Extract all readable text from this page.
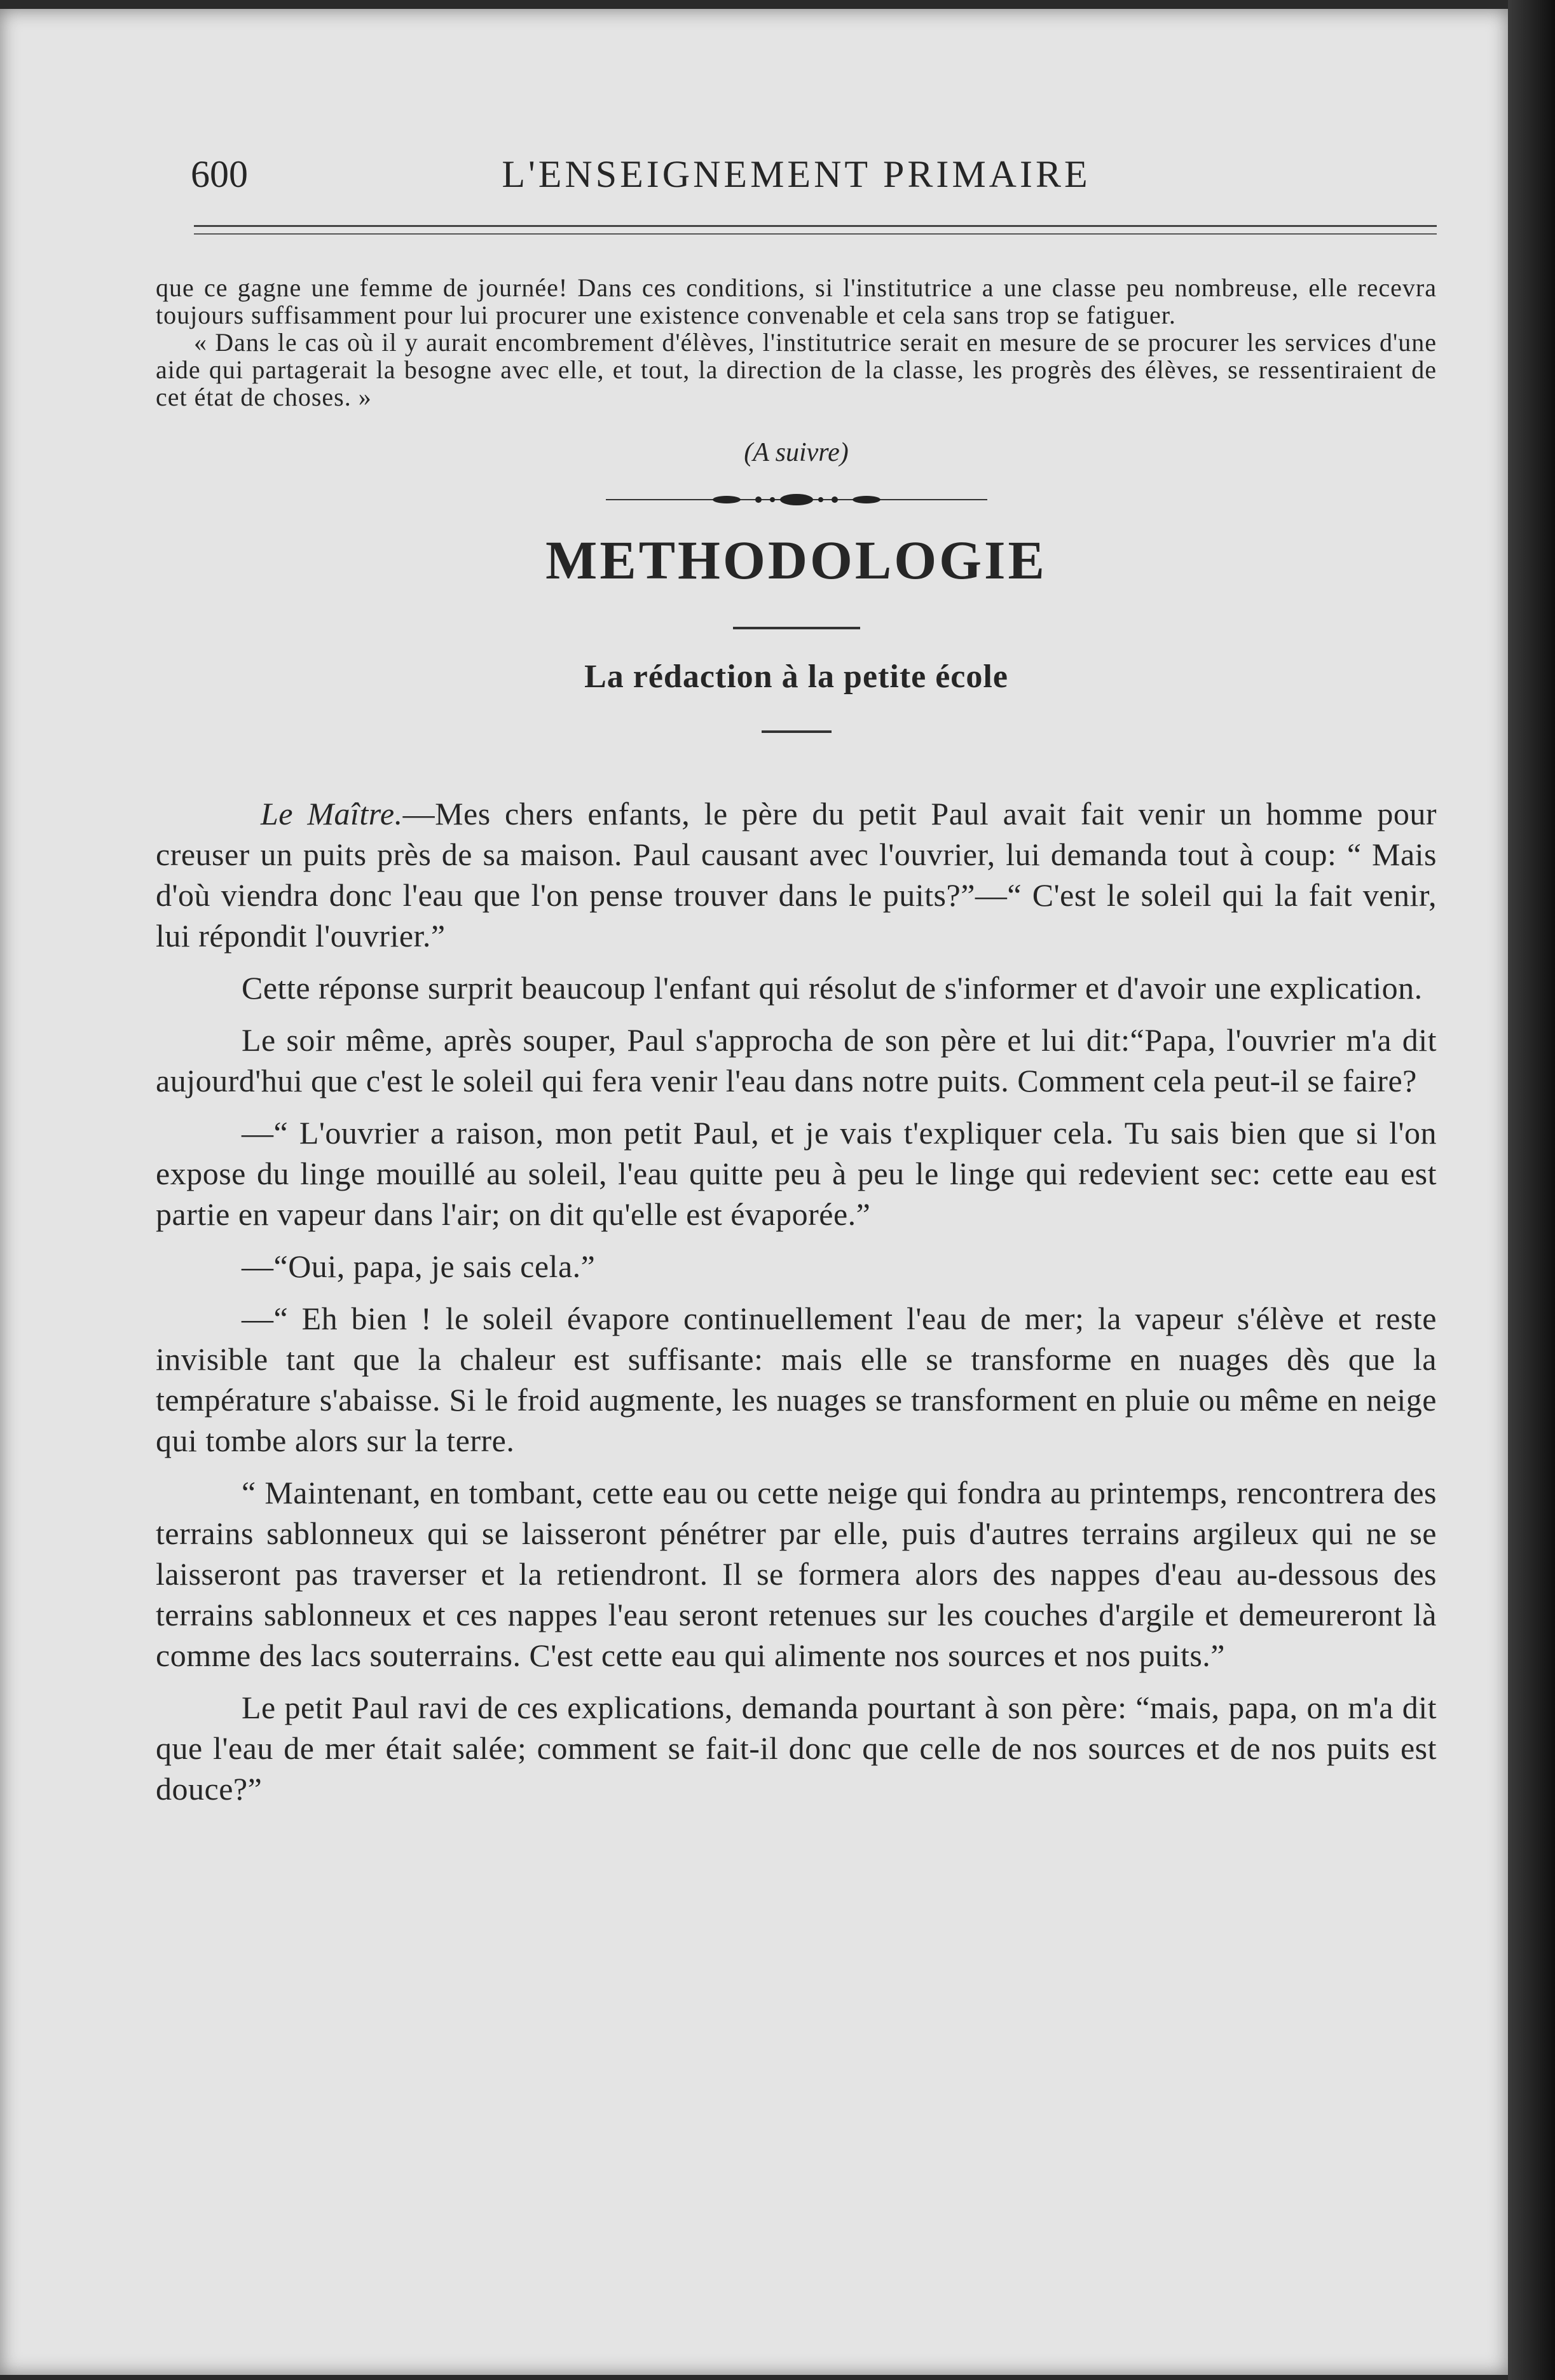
600	L'ENSEIGNEMENT PRIMAIRE

que ce gagne une femme de journée! Dans ces conditions, si l'institutrice a une classe peu nombreuse, elle recevra toujours suffisamment pour lui procurer une existence convenable et cela sans trop se fatiguer.

« Dans le cas où il y aurait encombrement d'élèves, l'institutrice serait en mesure de se procurer les services d'une aide qui partagerait la besogne avec elle, et tout, la direction de la classe, les progrès des élèves, se ressentiraient de cet état de choses. »

(A suivre)
METHODOLOGIE
La rédaction à la petite école

Le Maître.—Mes chers enfants, le père du petit Paul avait fait venir un homme pour creuser un puits près de sa maison. Paul causant avec l'ouvrier, lui demanda tout à coup: “ Mais d'où viendra donc l'eau que l'on pense trouver dans le puits?”—“ C'est le soleil qui la fait venir, lui répondit l'ouvrier.”

Cette réponse surprit beaucoup l'enfant qui résolut de s'informer et d'avoir une explication.

Le soir même, après souper, Paul s'approcha de son père et lui dit:“Papa, l'ouvrier m'a dit aujourd'hui que c'est le soleil qui fera venir l'eau dans notre puits. Comment cela peut-il se faire?

—“ L'ouvrier a raison, mon petit Paul, et je vais t'expliquer cela. Tu sais bien que si l'on expose du linge mouillé au soleil, l'eau quitte peu à peu le linge qui redevient sec: cette eau est partie en vapeur dans l'air; on dit qu'elle est évaporée.”

—“Oui, papa, je sais cela.”

—“ Eh bien ! le soleil évapore continuellement l'eau de mer; la vapeur s'élève et reste invisible tant que la chaleur est suffisante: mais elle se transforme en nuages dès que la température s'abaisse. Si le froid augmente, les nuages se transforment en pluie ou même en neige qui tombe alors sur la terre.

“ Maintenant, en tombant, cette eau ou cette neige qui fondra au printemps, rencontrera des terrains sablonneux qui se laisseront pénétrer par elle, puis d'autres terrains argileux qui ne se laisseront pas traverser et la retiendront. Il se formera alors des nappes d'eau au-dessous des terrains sablonneux et ces nappes l'eau seront retenues sur les couches d'argile et demeureront là comme des lacs souterrains. C'est cette eau qui alimente nos sources et nos puits.”

Le petit Paul ravi de ces explications, demanda pourtant à son père: “mais, papa, on m'a dit que l'eau de mer était salée; comment se fait-il donc que celle de nos sources et de nos puits est douce?”
